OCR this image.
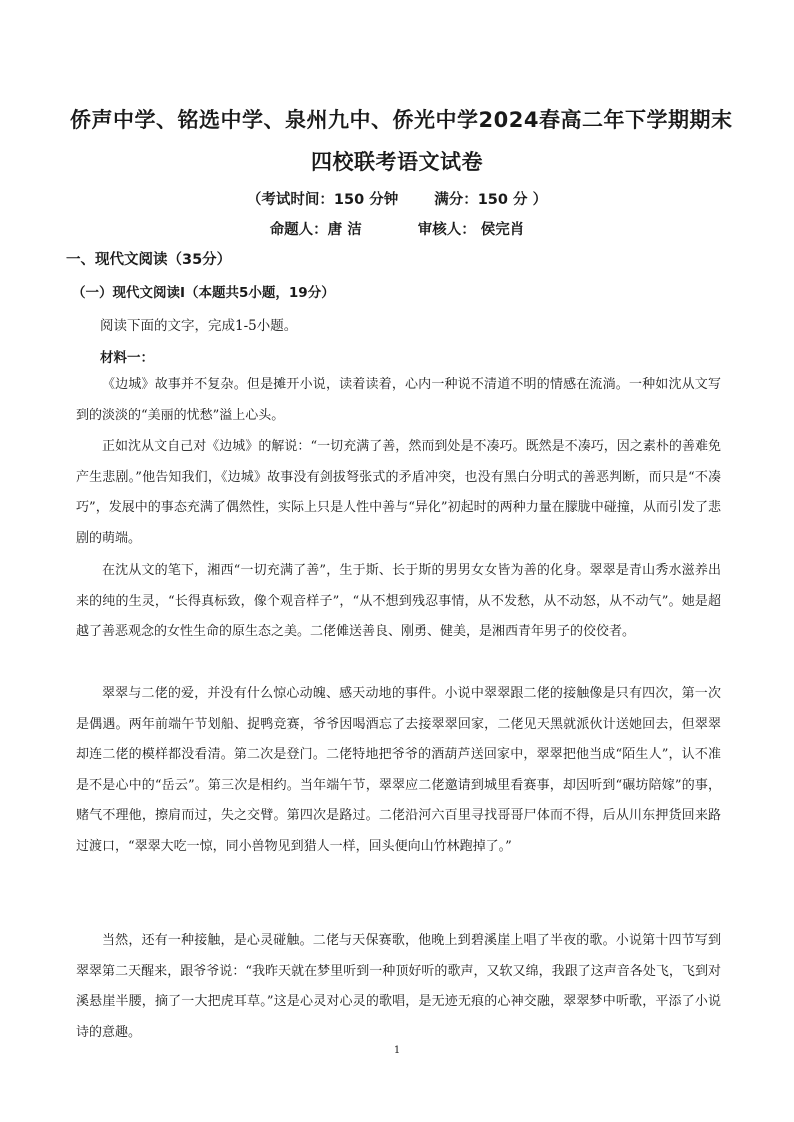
侨声中学、铭选中学、泉州九中、侨光中学2024春高二年下学期期末
四校联考语文试卷
（考试时间：150 分钟 满分：150 分 ）
命题人：唐 洁	审核人： 侯完肖
一、现代文阅读（35分）
（一）现代文阅读Ⅰ（本题共5小题，19分）
阅读下面的文字，完成1-5小题。
材料一：

《边城》故事并不复杂。但是摊开小说，读着读着，心内一种说不清道不明的情感在流淌。一种如沈从文写到的淡淡的“美丽的忧愁”溢上心头。

正如沈从文自己对《边城》的解说：“一切充满了善，然而到处是不凑巧。既然是不凑巧，因之素朴的善难免产生悲剧。”他告知我们，《边城》故事没有剑拔弩张式的矛盾冲突，也没有黑白分明式的善恶判断，而只是“不凑巧”，发展中的事态充满了偶然性，实际上只是人性中善与“异化”初起时的两种力量在朦胧中碰撞，从而引发了悲剧的萌端。

在沈从文的笔下，湘西“一切充满了善”，生于斯、长于斯的男男女女皆为善的化身。翠翠是青山秀水滋养出来的纯的生灵，“长得真标致，像个观音样子”，“从不想到残忍事情，从不发愁，从不动怒，从不动气”。她是超越了善恶观念的女性生命的原生态之美。二佬傩送善良、刚勇、健美，是湘西青年男子的佼佼者。

翠翠与二佬的爱，并没有什么惊心动魄、感天动地的事件。小说中翠翠跟二佬的接触像是只有四次，第一次是偶遇。两年前端午节划船、捉鸭竞赛，爷爷因喝酒忘了去接翠翠回家，二佬见天黑就派伙计送她回去，但翠翠却连二佬的模样都没看清。第二次是登门。二佬特地把爷爷的酒葫芦送回家中，翠翠把他当成“陌生人”，认不准是不是心中的“岳云”。第三次是相约。当年端午节，翠翠应二佬邀请到城里看赛事，却因听到“碾坊陪嫁”的事，赌气不理他，擦肩而过，失之交臂。第四次是路过。二佬沿河六百里寻找哥哥尸体而不得，后从川东押货回来路过渡口，“翠翠大吃一惊，同小兽物见到猎人一样，回头便向山竹林跑掉了。”

当然，还有一种接触，是心灵碰触。二佬与天保赛歌，他晚上到碧溪崖上唱了半夜的歌。小说第十四节写到翠翠第二天醒来，跟爷爷说：“我昨天就在梦里听到一种顶好听的歌声，又软又绵，我跟了这声音各处飞，飞到对溪悬崖半腰，摘了一大把虎耳草。”这是心灵对心灵的歌唱，是无迹无痕的心神交融，翠翠梦中听歌，平添了小说诗的意趣。

1
